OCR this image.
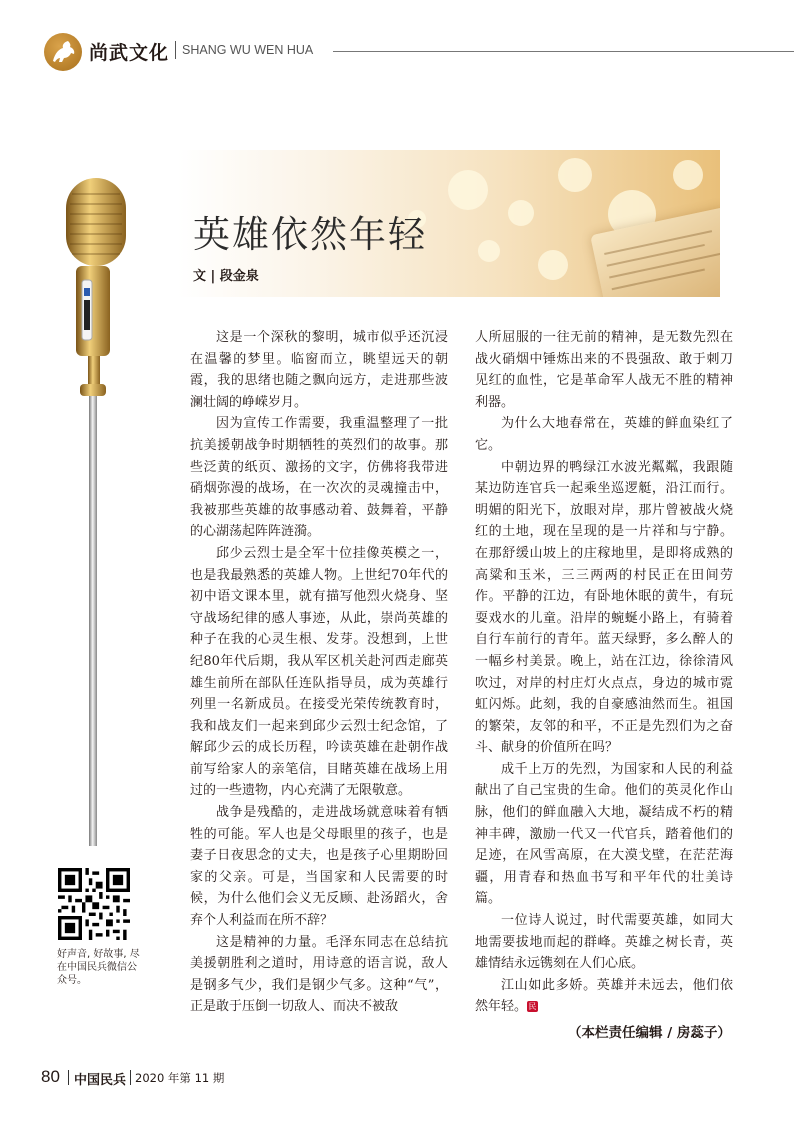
尚武文化 SHANG WU WEN HUA
英雄依然年轻
文 | 段金泉
好声音, 好故事, 尽在中国民兵微信公众号。

这是一个深秋的黎明，城市似乎还沉浸在温馨的梦里。临窗而立，眺望远天的朝霞，我的思绪也随之飘向远方，走进那些波澜壮阔的峥嵘岁月。

因为宣传工作需要，我重温整理了一批抗美援朝战争时期牺牲的英烈们的故事。那些泛黄的纸页、激扬的文字，仿佛将我带进硝烟弥漫的战场，在一次次的灵魂撞击中，我被那些英雄的故事感动着、鼓舞着，平静的心湖荡起阵阵涟漪。

邱少云烈士是全军十位挂像英模之一，也是我最熟悉的英雄人物。上世纪70年代的初中语文课本里，就有描写他烈火烧身、坚守战场纪律的感人事迹，从此，崇尚英雄的种子在我的心灵生根、发芽。没想到，上世纪80年代后期，我从军区机关赴河西走廊英雄生前所在部队任连队指导员，成为英雄行列里一名新成员。在接受光荣传统教育时，我和战友们一起来到邱少云烈士纪念馆，了解邱少云的成长历程，吟读英雄在赴朝作战前写给家人的亲笔信，目睹英雄在战场上用过的一些遗物，内心充满了无限敬意。

战争是残酷的，走进战场就意味着有牺牲的可能。军人也是父母眼里的孩子，也是妻子日夜思念的丈夫，也是孩子心里期盼回家的父亲。可是，当国家和人民需要的时候，为什么他们会义无反顾、赴汤蹈火，舍弃个人利益而在所不辞？

这是精神的力量。毛泽东同志在总结抗美援朝胜利之道时，用诗意的语言说，敌人是钢多气少，我们是钢少气多。这种“气”，正是敢于压倒一切敌人、而决不被敌

人所屈服的一往无前的精神，是无数先烈在战火硝烟中锤炼出来的不畏强敌、敢于刺刀见红的血性，它是革命军人战无不胜的精神利器。

为什么大地春常在，英雄的鲜血染红了它。

中朝边界的鸭绿江水波光粼粼，我跟随某边防连官兵一起乘坐巡逻艇，沿江而行。明媚的阳光下，放眼对岸，那片曾被战火烧红的土地，现在呈现的是一片祥和与宁静。在那舒缓山坡上的庄稼地里，是即将成熟的高粱和玉米，三三两两的村民正在田间劳作。平静的江边，有卧地休眠的黄牛，有玩耍戏水的儿童。沿岸的蜿蜒小路上，有骑着自行车前行的青年。蓝天绿野，多么醉人的一幅乡村美景。晚上，站在江边，徐徐清风吹过，对岸的村庄灯火点点，身边的城市霓虹闪烁。此刻，我的自豪感油然而生。祖国的繁荣，友邻的和平，不正是先烈们为之奋斗、献身的价值所在吗？

成千上万的先烈，为国家和人民的利益献出了自己宝贵的生命。他们的英灵化作山脉，他们的鲜血融入大地，凝结成不朽的精神丰碑，激励一代又一代官兵，踏着他们的足迹，在风雪高原，在大漠戈壁，在茫茫海疆，用青春和热血书写和平年代的壮美诗篇。

一位诗人说过，时代需要英雄，如同大地需要拔地而起的群峰。英雄之树长青，英雄情结永远镌刻在人们心底。

江山如此多娇。英雄并未远去，他们依然年轻。 民

（本栏责任编辑 / 房蕊子）
80 中国民兵 2020 年第 11 期
